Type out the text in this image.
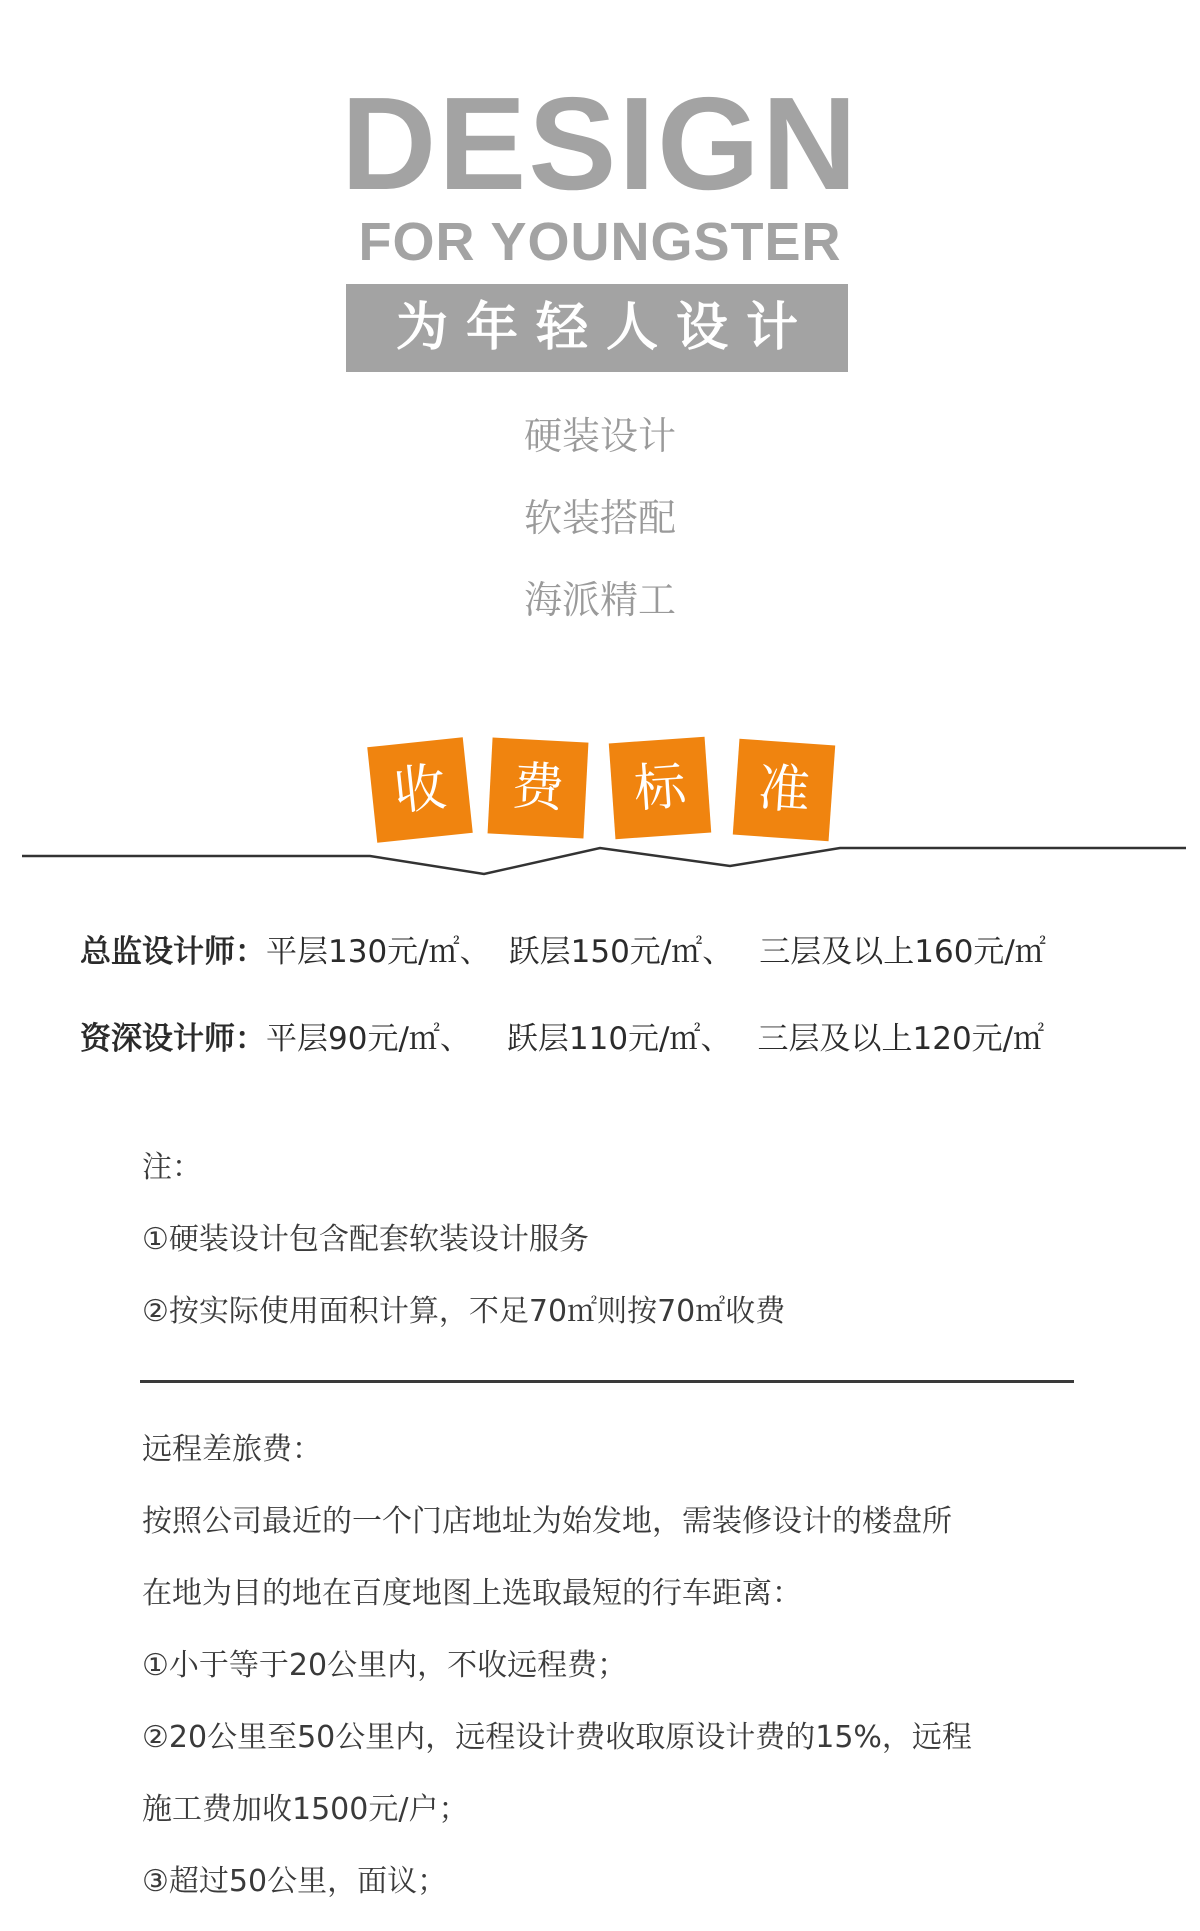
DESIGN
FOR YOUNGSTER
为年轻人设计
硬装设计
软装搭配
海派精工
收	费	标	准
总监设计师：平层130元/㎡、 跃层150元/㎡、 三层及以上160元/㎡
资深设计师：平层90元/㎡、 跃层110元/㎡、 三层及以上120元/㎡
注：
①硬装设计包含配套软装设计服务
②按实际使用面积计算，不足70㎡则按70㎡收费
远程差旅费：
按照公司最近的一个门店地址为始发地，需装修设计的楼盘所
在地为目的地在百度地图上选取最短的行车距离：
①小于等于20公里内，不收远程费；
②20公里至50公里内，远程设计费收取原设计费的15%，远程
施工费加收1500元/户；
③超过50公里，面议；
